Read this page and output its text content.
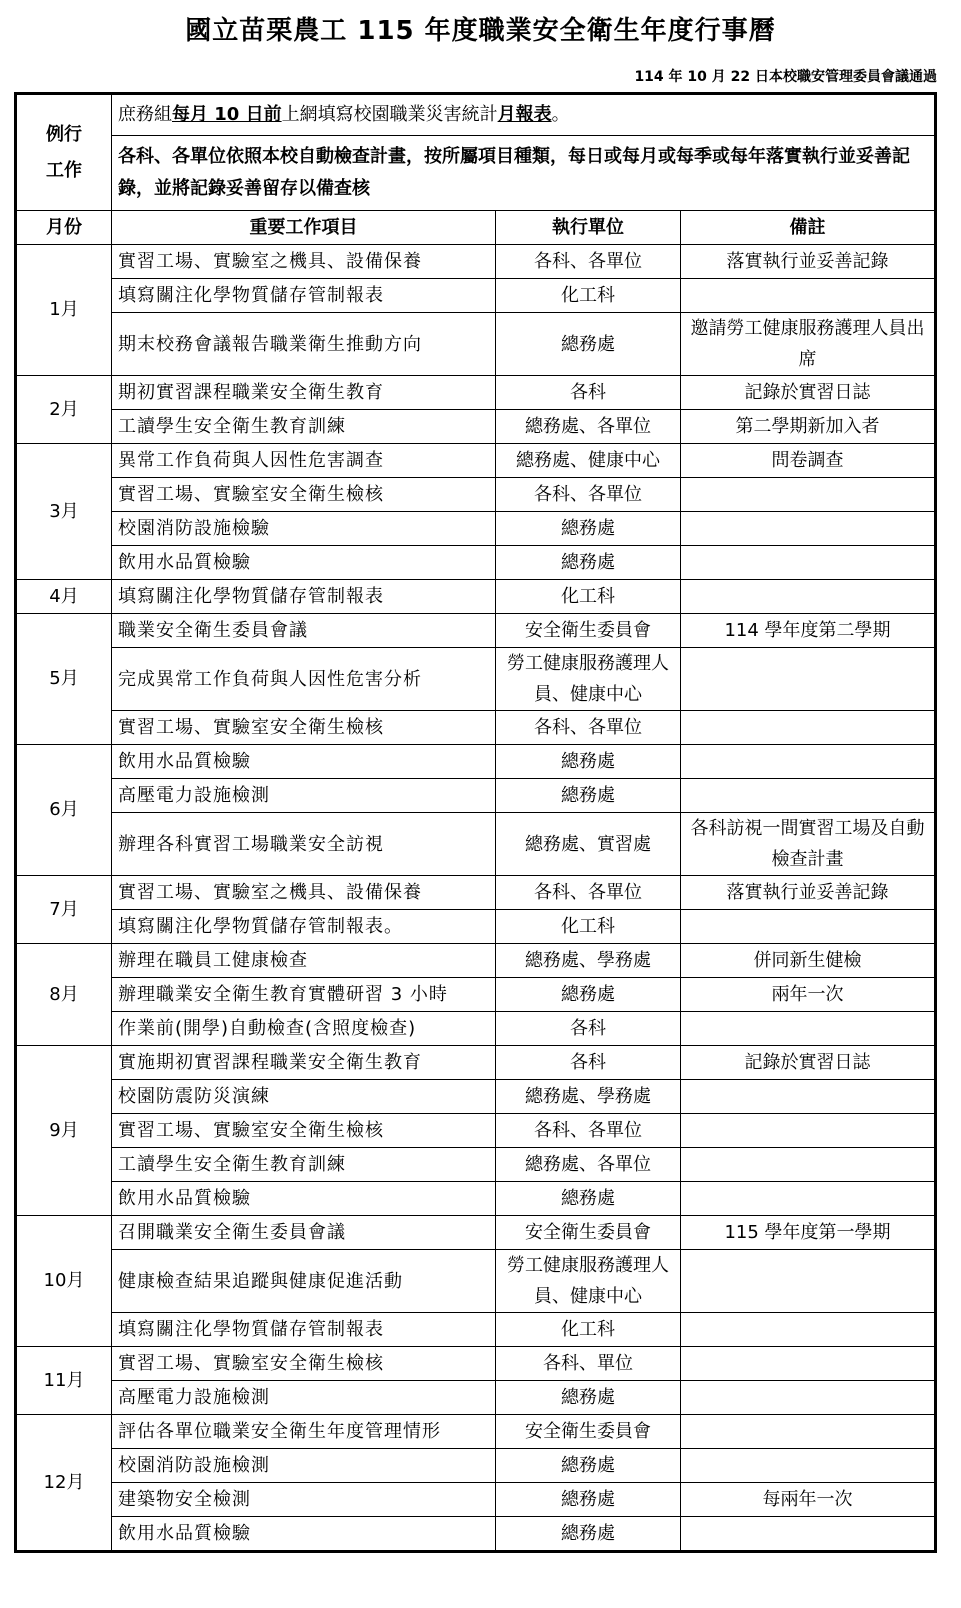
國立苗栗農工 115 年度職業安全衛生年度行事曆
114 年 10 月 22 日本校職安管理委員會議通過
例行
工作	庶務組每月 10 日前上網填寫校園職業災害統計月報表。		
	各科、各單位依照本校自動檢查計畫，按所屬項目種類，每日或每月或每季或每年落實執行並妥善記錄，並將記錄妥善留存以備查核		
月份	重要工作項目	執行單位	備註
1月	實習工場、實驗室之機具、設備保養	各科、各單位	落實執行並妥善記錄
	填寫關注化學物質儲存管制報表	化工科	
	期末校務會議報告職業衛生推動方向	總務處	邀請勞工健康服務護理人員出席
2月	期初實習課程職業安全衛生教育	各科	記錄於實習日誌
	工讀學生安全衛生教育訓練	總務處、各單位	第二學期新加入者
3月	異常工作負荷與人因性危害調查	總務處、健康中心	問卷調查
	實習工場、實驗室安全衛生檢核	各科、各單位	
	校園消防設施檢驗	總務處	
	飲用水品質檢驗	總務處	
4月	填寫關注化學物質儲存管制報表	化工科	
5月	職業安全衛生委員會議	安全衛生委員會	114 學年度第二學期
	完成異常工作負荷與人因性危害分析	勞工健康服務護理人員、健康中心	
	實習工場、實驗室安全衛生檢核	各科、各單位	
6月	飲用水品質檢驗	總務處	
	高壓電力設施檢測	總務處	
	辦理各科實習工場職業安全訪視	總務處、實習處	各科訪視一間實習工場及自動檢查計畫
7月	實習工場、實驗室之機具、設備保養	各科、各單位	落實執行並妥善記錄
	填寫關注化學物質儲存管制報表。	化工科	
8月	辦理在職員工健康檢查	總務處、學務處	併同新生健檢
	辦理職業安全衛生教育實體研習 3 小時	總務處	兩年一次
	作業前(開學)自動檢查(含照度檢查)	各科	
9月	實施期初實習課程職業安全衛生教育	各科	記錄於實習日誌
	校園防震防災演練	總務處、學務處	
	實習工場、實驗室安全衛生檢核	各科、各單位	
	工讀學生安全衛生教育訓練	總務處、各單位	
	飲用水品質檢驗	總務處	
10月	召開職業安全衛生委員會議	安全衛生委員會	115 學年度第一學期
	健康檢查結果追蹤與健康促進活動	勞工健康服務護理人員、健康中心	
	填寫關注化學物質儲存管制報表	化工科	
11月	實習工場、實驗室安全衛生檢核	各科、單位	
	高壓電力設施檢測	總務處	
12月	評估各單位職業安全衛生年度管理情形	安全衛生委員會	
	校園消防設施檢測	總務處	
	建築物安全檢測	總務處	每兩年一次
	飲用水品質檢驗	總務處	
